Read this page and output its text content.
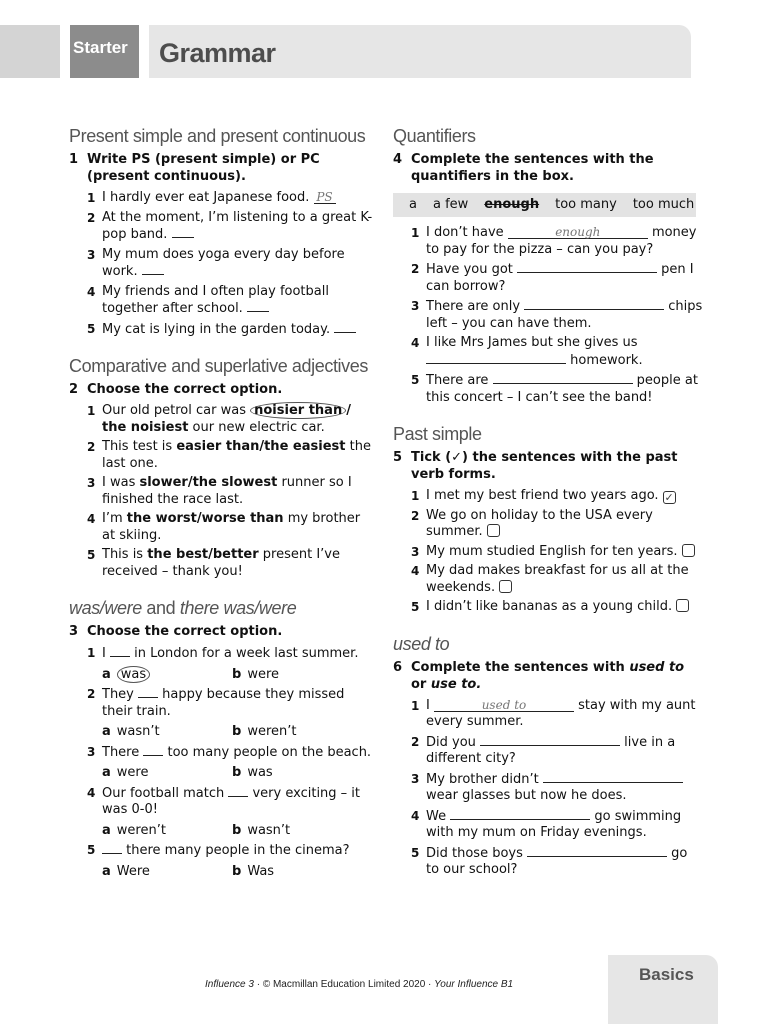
Starter	Grammar
Present simple and present continuous
1 Write PS (present simple) or PC (present continuous).
1 I hardly ever eat Japanese food. PS
2 At the moment, I’m listening to a great K-pop band.
3 My mum does yoga every day before work.
4 My friends and I often play football together after school.
5 My cat is lying in the garden today.
Comparative and superlative adjectives
2 Choose the correct option.
1 Our old petrol car was noisier than / the noisiest our new electric car.
2 This test is easier than/the easiest the last one.
3 I was slower/the slowest runner so I finished the race last.
4 I’m the worst/worse than my brother at skiing.
5 This is the best/better present I’ve received – thank you!
was/were and there was/were
3 Choose the correct option.
1 I  in London for a week last summer.
a was	b were
2 They  happy because they missed their train.
a wasn’t	b weren’t
3 There  too many people on the beach.
a were	b was
4 Our football match  very exciting – it was 0-0!
a weren’t	b wasn’t
5 there many people in the cinema?
a Were	b Was
Quantifiers
4 Complete the sentences with the quantifiers in the box.
a a few enough too many too much
1 I don’t have	enough	money to pay for the pizza – can you pay?
2 Have you got	pen I can borrow?
3 There are only	chips left – you can have them.
4 I like Mrs James but she gives us  homework.
5 There are	people at this concert – I can’t see the band!
Past simple
5 Tick (✓) the sentences with the past verb forms.
1 I met my best friend two years ago. ✓
2 We go on holiday to the USA every summer.
3 My mum studied English for ten years.
4 My dad makes breakfast for us all at the weekends.
5 I didn’t like bananas as a young child.
used to
6 Complete the sentences with used to or use to.
1 I	used to	stay with my aunt every summer.
2 Did you	live in a different city?
3 My brother didn’t  wear glasses but now he does.
4 We	go swimming with my mum on Friday evenings.
5 Did those boys	go to our school?
Influence 3 · © Macmillan Education Limited 2020 · Your Influence B1
Basics
